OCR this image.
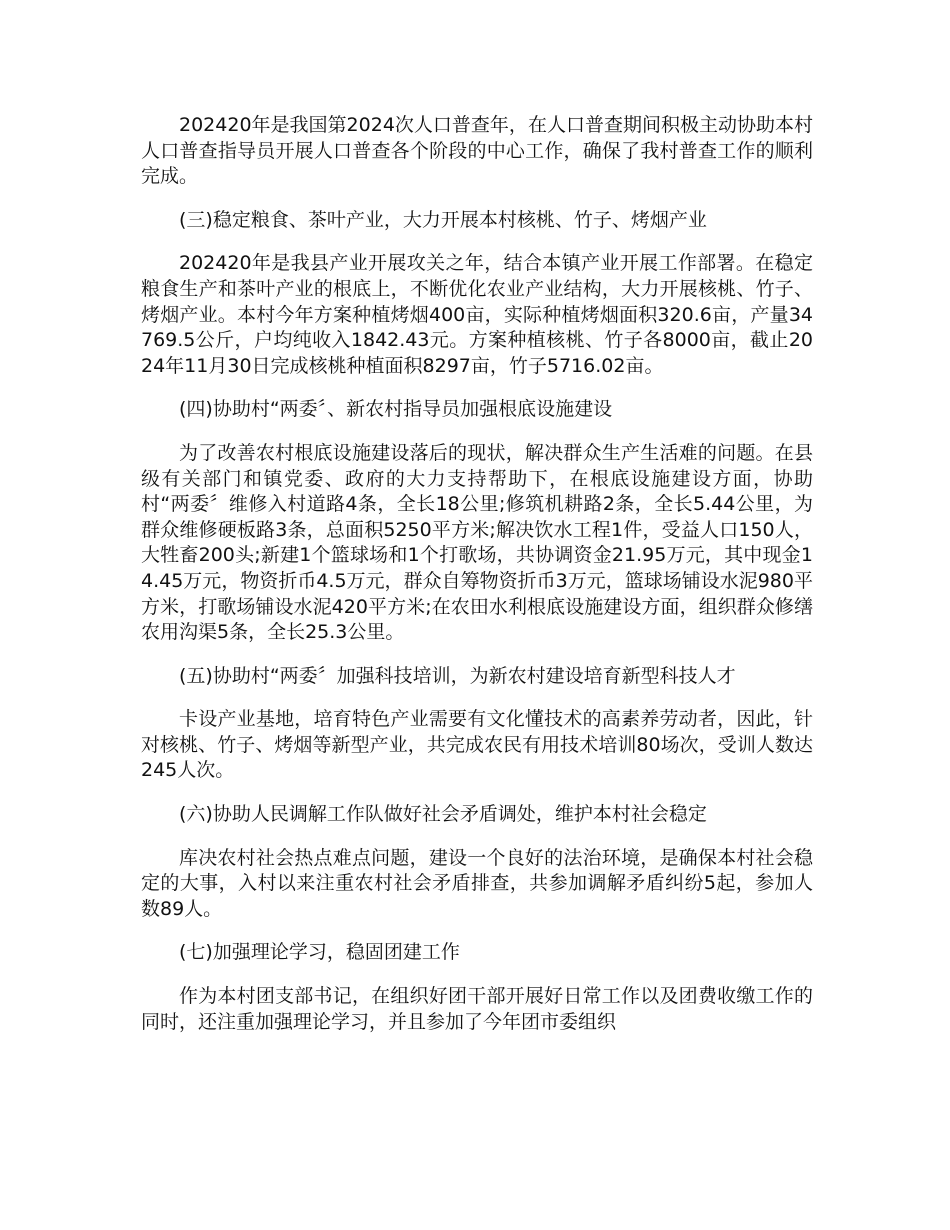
202420年是我国第2024次人口普查年，在人口普查期间积极主动协助本村人口普查指导员开展人口普查各个阶段的中心工作，确保了我村普查工作的顺利完成。

(三)稳定粮食、茶叶产业，大力开展本村核桃、竹子、烤烟产业

202420年是我县产业开展攻关之年，结合本镇产业开展工作部署。在稳定粮食生产和茶叶产业的根底上，不断优化农业产业结构，大力开展核桃、竹子、烤烟产业。本村今年方案种植烤烟400亩，实际种植烤烟面积320.6亩，产量34769.5公斤，户均纯收入1842.43元。方案种植核桃、竹子各8000亩，截止2024年11月30日完成核桃种植面积8297亩，竹子5716.02亩。

(四)协助村“两委〞、新农村指导员加强根底设施建设

为了改善农村根底设施建设落后的现状，解决群众生产生活难的问题。在县级有关部门和镇党委、政府的大力支持帮助下，在根底设施建设方面，协助村“两委〞维修入村道路4条，全长18公里;修筑机耕路2条，全长5.44公里，为群众维修硬板路3条，总面积5250平方米;解决饮水工程1件，受益人口150人，大牲畜200头;新建1个篮球场和1个打歌场，共协调资金21.95万元，其中现金14.45万元，物资折币4.5万元，群众自筹物资折币3万元，篮球场铺设水泥980平方米，打歌场铺设水泥420平方米;在农田水利根底设施建设方面，组织群众修缮农用沟渠5条，全长25.3公里。

(五)协助村“两委〞加强科技培训，为新农村建设培育新型科技人才

卡设产业基地，培育特色产业需要有文化懂技术的高素养劳动者，因此，针对核桃、竹子、烤烟等新型产业，共完成农民有用技术培训80场次，受训人数达245人次。

(六)协助人民调解工作队做好社会矛盾调处，维护本村社会稳定

库决农村社会热点难点问题，建设一个良好的法治环境，是确保本村社会稳定的大事，入村以来注重农村社会矛盾排查，共参加调解矛盾纠纷5起，参加人数89人。

(七)加强理论学习，稳固团建工作

作为本村团支部书记，在组织好团干部开展好日常工作以及团费收缴工作的同时，还注重加强理论学习，并且参加了今年团市委组织
